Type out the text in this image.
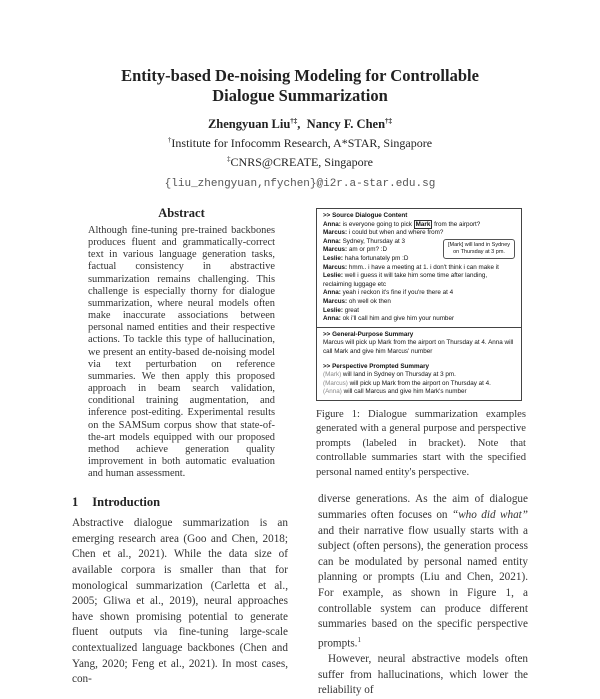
Entity-based De-noising Modeling for Controllable
Dialogue Summarization
Zhengyuan Liu†‡,  Nancy F. Chen†‡
†Institute for Infocomm Research, A*STAR, Singapore
‡CNRS@CREATE, Singapore
{liu_zhengyuan,nfychen}@i2r.a-star.edu.sg
Abstract
Although fine-tuning pre-trained backbones produces fluent and grammatically-correct text in various language generation tasks, factual consistency in abstractive summarization remains challenging. This challenge is especially thorny for dialogue summarization, where neural models often make inaccurate associations between personal named entities and their respective actions. To tackle this type of hallucination, we present an entity-based de-noising model via text perturbation on reference summaries. We then apply this proposed approach in beam search validation, conditional training augmentation, and inference post-editing. Experimental results on the SAMSum corpus show that state-of-the-art models equipped with our proposed method achieve generation quality improvement in both automatic evaluation and human assessment.
1 Introduction
Abstractive dialogue summarization is an emerging research area (Goo and Chen, 2018; Chen et al., 2021). While the data size of available corpora is smaller than that for monological summarization (Carletta et al., 2005; Gliwa et al., 2019), neural approaches have shown promising potential to generate fluent outputs via fine-tuning large-scale contextualized language backbones (Chen and Yang, 2020; Feng et al., 2021). In most cases, con-
>> Source Dialogue Content
Anna: is everyone going to pick Mark from the airport?
Marcus: i could but when and where from?
[Mark] will land in Sydney on Thursday at 3 pm.
Anna: Sydney, Thursday at 3
Marcus: am or pm? :D
Leslie: haha fortunately pm :D
Marcus: hmm.. i have a meeting at 1. i don't think i can make it
Leslie: well i guess it will take him some time after landing, reclaiming luggage etc
Anna: yeah i reckon it's fine if you're there at 4
Marcus: oh well ok then
Leslie: great
Anna: ok i'll call him and give him your number
>> General-Purpose Summary
Marcus will pick up Mark from the airport on Thursday at 4. Anna will call Mark and give him Marcus' number
>> Perspective Prompted Summary
(Mark) will land in Sydney on Thursday at 3 pm.
(Marcus) will pick up Mark from the airport on Thursday at 4.
(Anna) will call Marcus and give him Mark's number
Figure 1: Dialogue summarization examples generated with a general purpose and perspective prompts (labeled in bracket). Note that controllable summaries start with the specified personal named entity's perspective.

diverse generations. As the aim of dialogue summaries often focuses on “who did what” and their narrative flow usually starts with a subject (often persons), the generation process can be modulated by personal named entity planning or prompts (Liu and Chen, 2021). For example, as shown in Figure 1, a controllable system can produce different summaries based on the specific perspective prompts.$^1$

However, neural abstractive models often suffer from hallucinations, which lower the reliability of
